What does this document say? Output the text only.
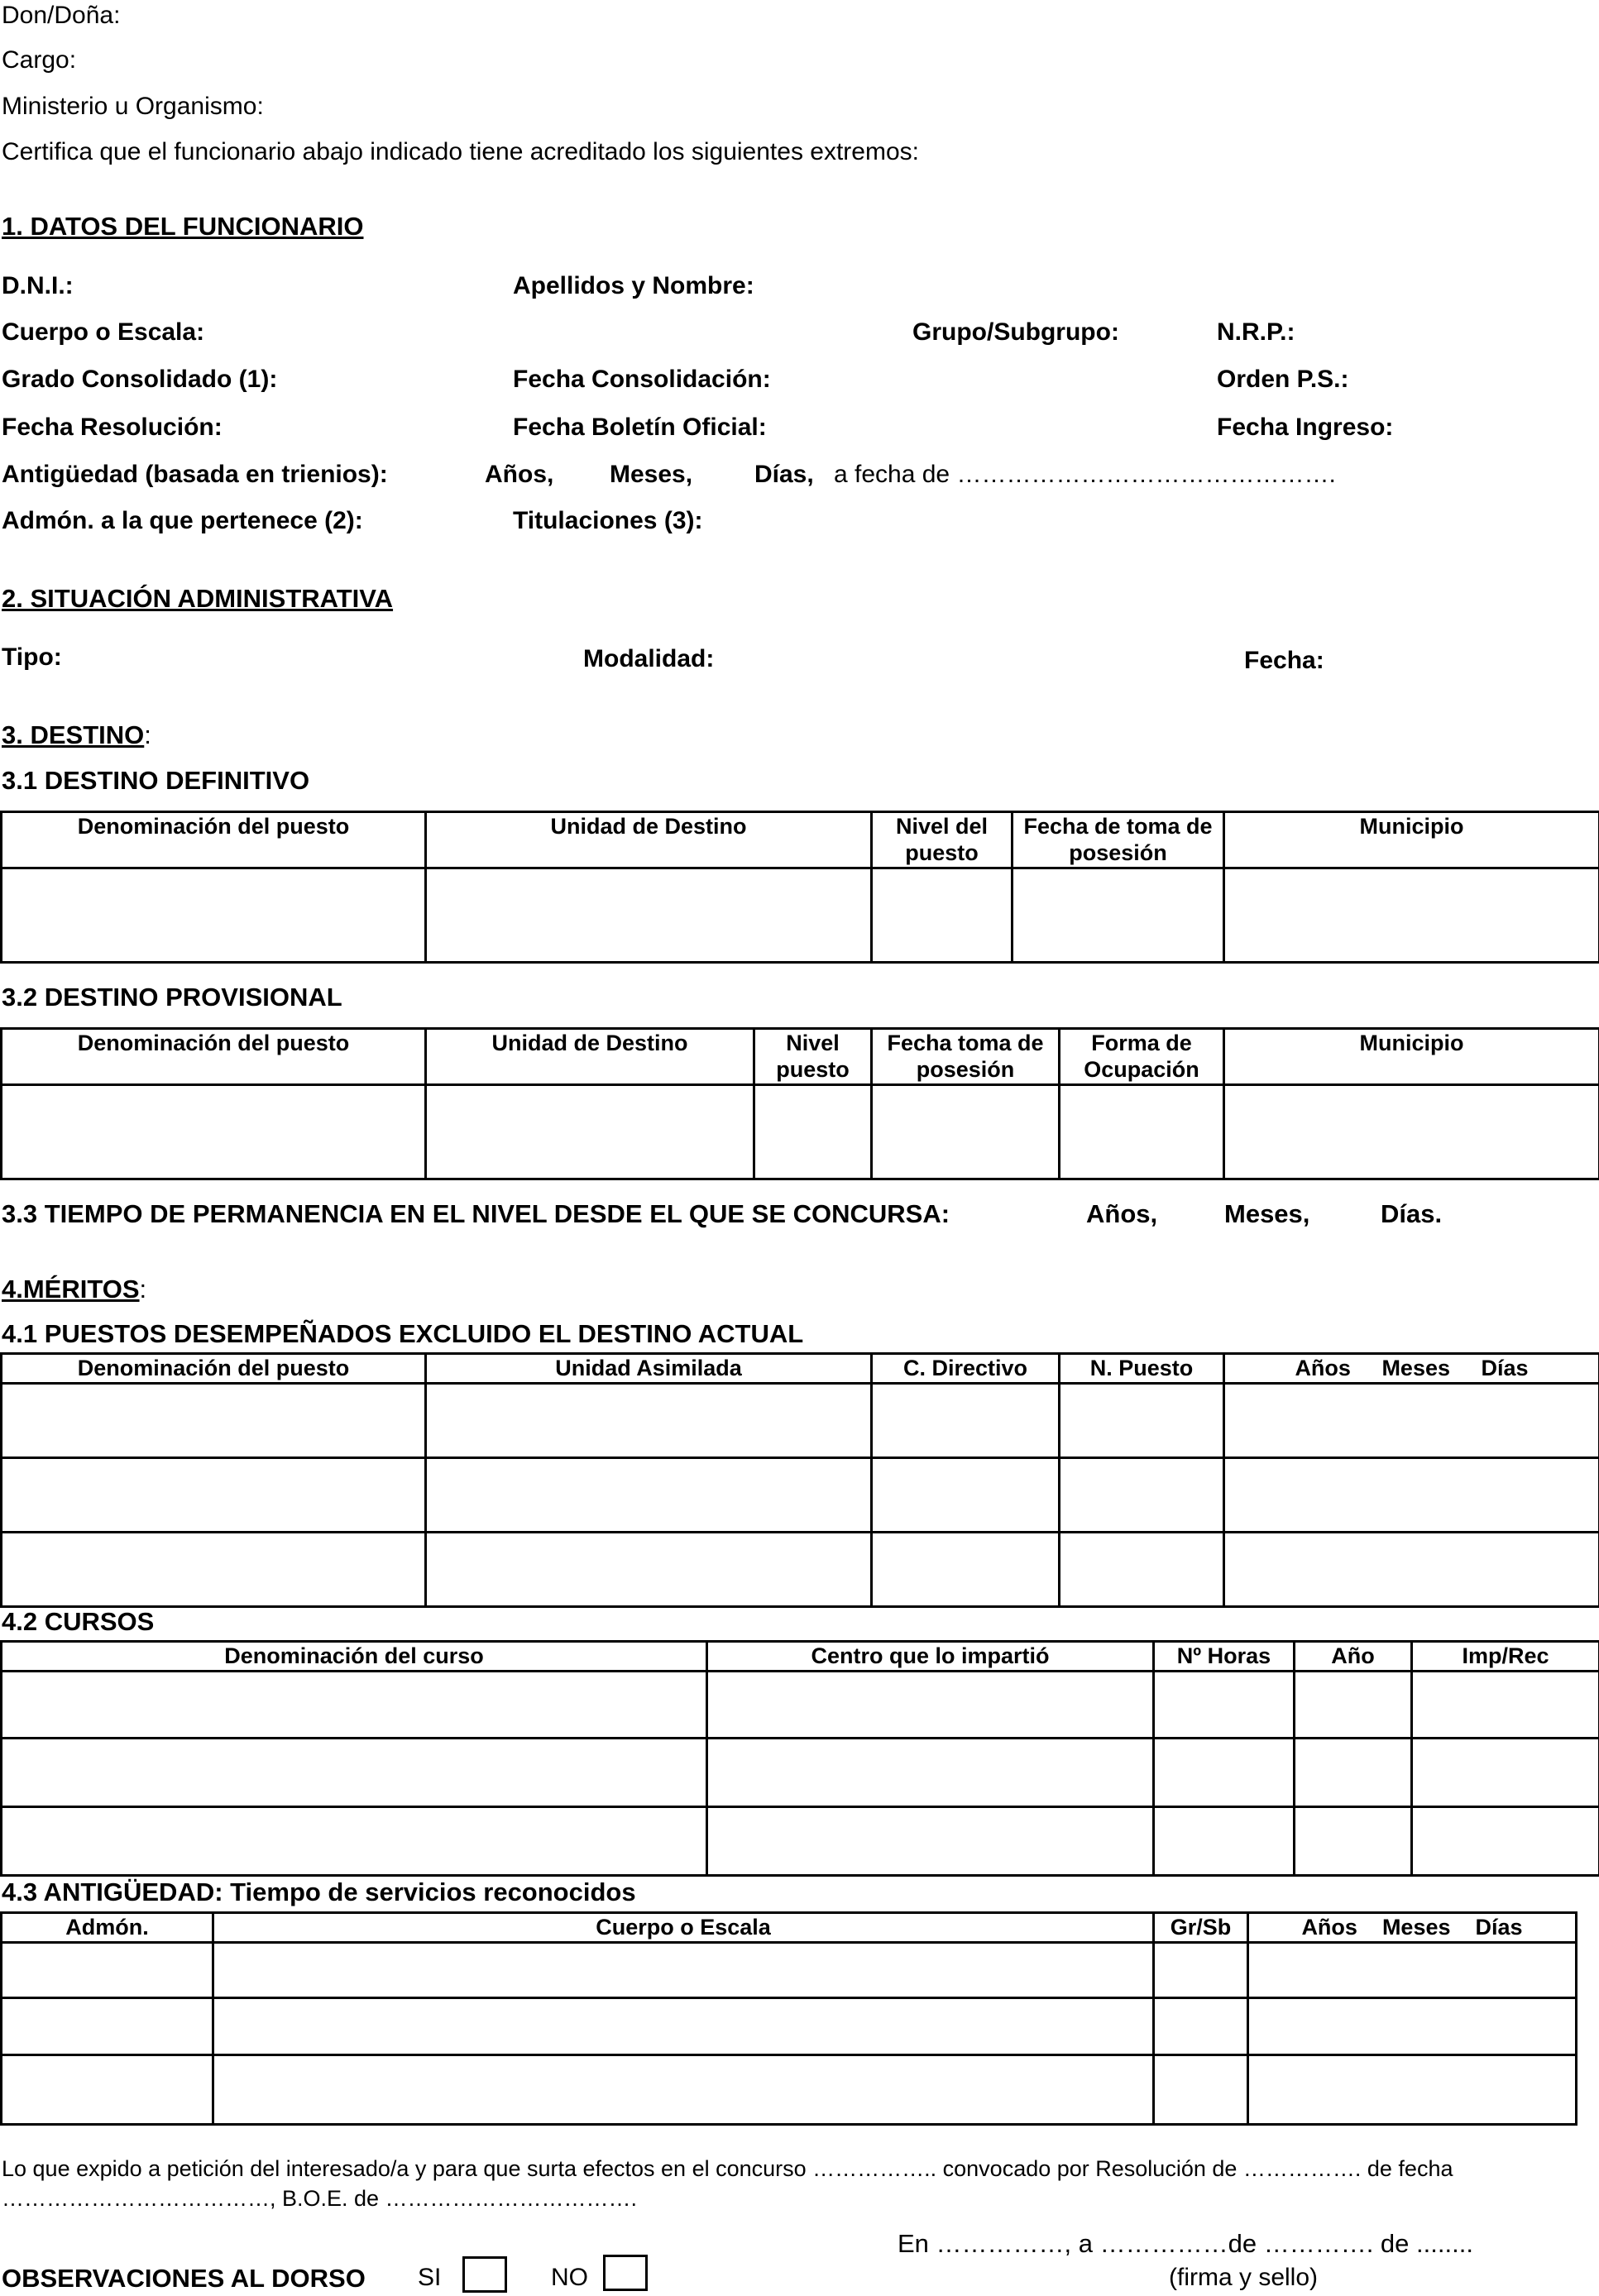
Don/Doña:
Cargo:
Ministerio u Organismo:
Certifica que el funcionario abajo indicado tiene acreditado los siguientes extremos:
1. DATOS DEL FUNCIONARIO
D.N.I.:	Apellidos y Nombre:
Cuerpo o Escala:	Grupo/Subgrupo:	N.R.P.:
Grado Consolidado (1):	Fecha Consolidación:	Orden P.S.:
Fecha Resolución:	Fecha Boletín Oficial:	Fecha Ingreso:
Antigüedad (basada en trienios):	Años, Meses, Días, a fecha de ……………………………………….
Admón. a la que pertenece (2):	Titulaciones (3):
2. SITUACIÓN ADMINISTRATIVA
Tipo:	Modalidad:	Fecha:
3. DESTINO:
3.1 DESTINO DEFINITIVO
Denominación del puesto	Unidad de Destino	Nivel del puesto	Fecha de toma de posesión	Municipio

3.2 DESTINO PROVISIONAL
Denominación del puesto	Unidad de Destino	Nivel puesto	Fecha toma de posesión	Forma de Ocupación	Municipio

3.3 TIEMPO DE PERMANENCIA EN EL NIVEL DESDE EL QUE SE CONCURSA:	Años,	Meses,	Días.
4.MÉRITOS:
4.1 PUESTOS DESEMPEÑADOS EXCLUIDO EL DESTINO ACTUAL
Denominación del puesto	Unidad Asimilada	C. Directivo	N. Puesto	Años     Meses     Días

4.2 CURSOS
Denominación del curso	Centro que lo impartió	Nº Horas	Año	Imp/Rec

4.3 ANTIGÜEDAD: Tiempo de servicios reconocidos
Admón.	Cuerpo o Escala	Gr/Sb	Años    Meses    Días

Lo que expido a petición del interesado/a y para que surta efectos en el concurso …………….. convocado por Resolución de ……………. de fecha
………………………………, B.O.E. de …………………………….
En ……………, a ……………de …………. de ........
(firma y sello)
OBSERVACIONES AL DORSO SI	NO
